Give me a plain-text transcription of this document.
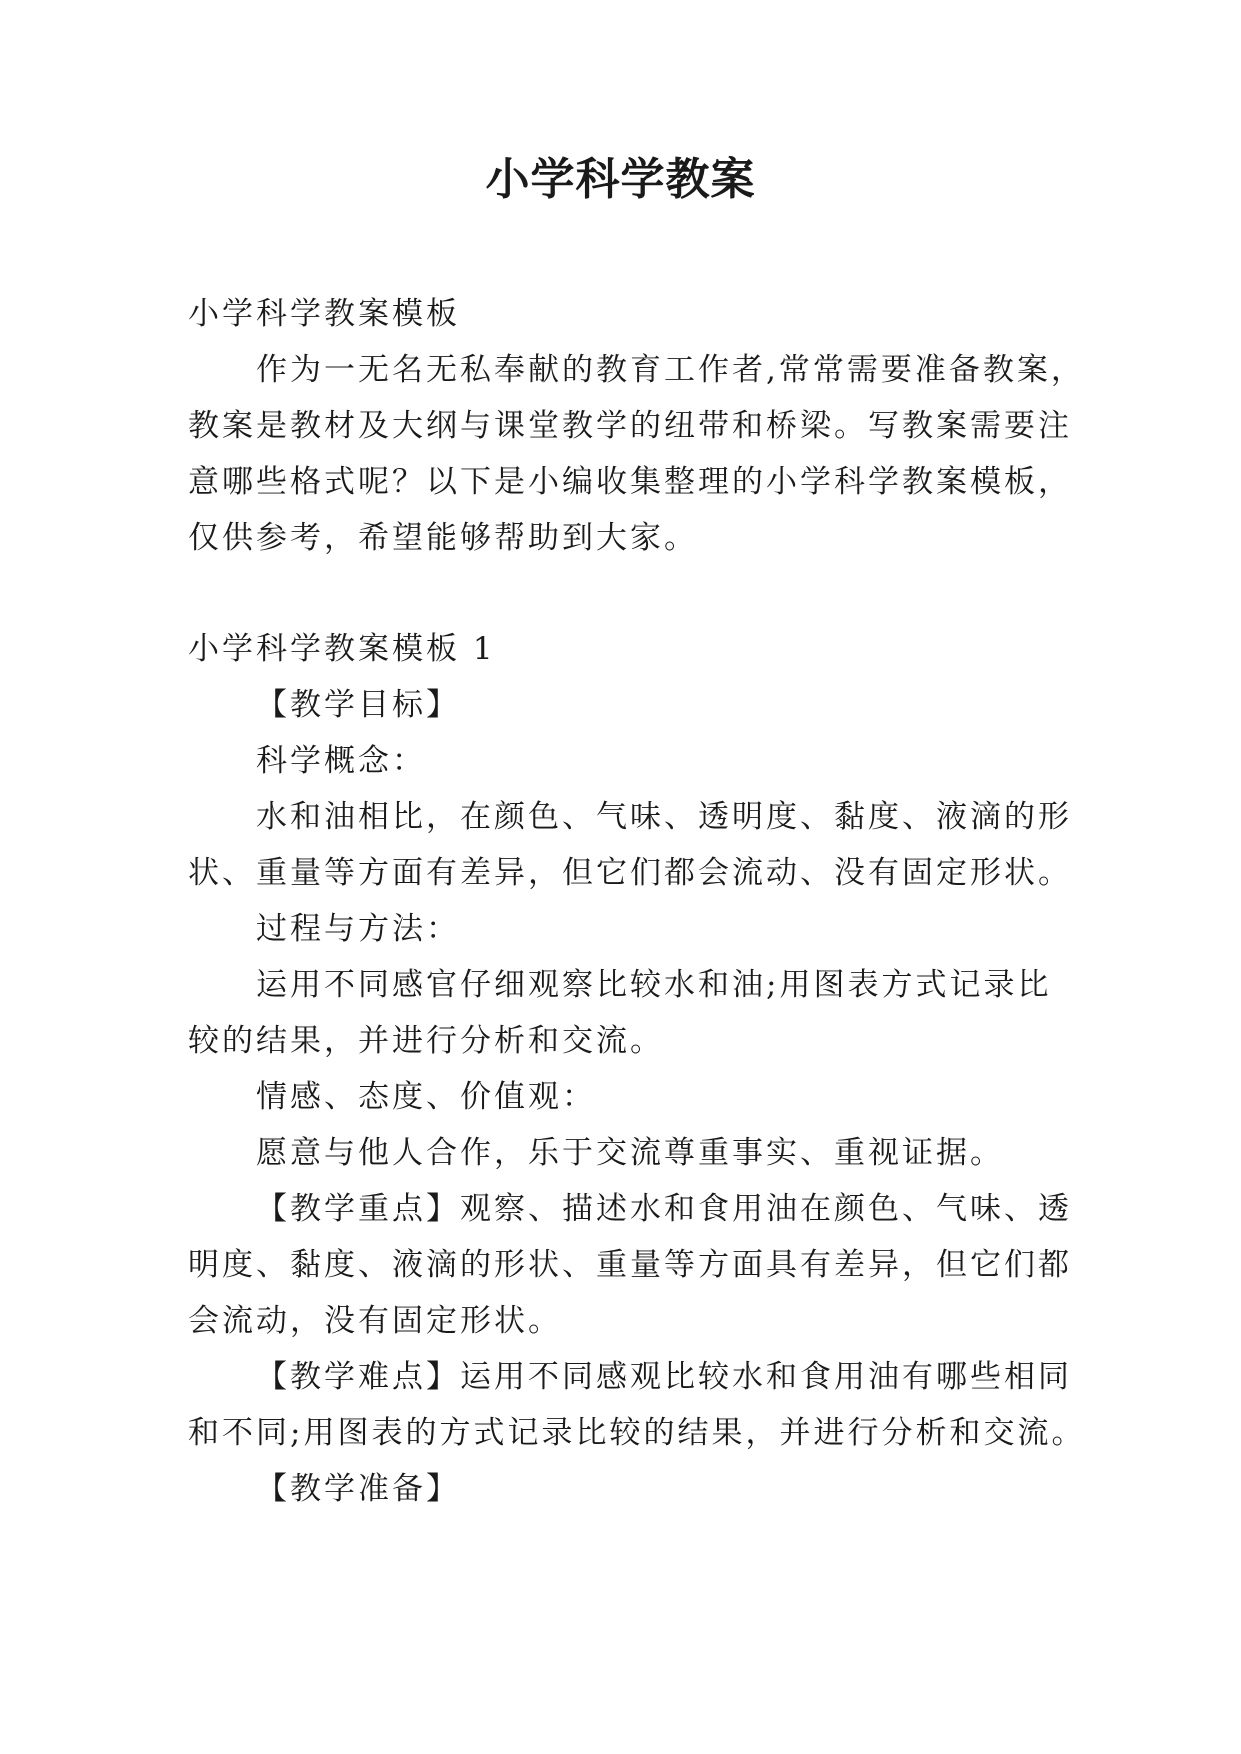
小学科学教案
小学科学教案模板
作为一无名无私奉献的教育工作者,常常需要准备教案，
教案是教材及大纲与课堂教学的纽带和桥梁。写教案需要注
意哪些格式呢？以下是小编收集整理的小学科学教案模板，
仅供参考，希望能够帮助到大家。
小学科学教案模板 1
【教学目标】
科学概念：
水和油相比，在颜色、气味、透明度、黏度、液滴的形
状、重量等方面有差异，但它们都会流动、没有固定形状。
过程与方法：
运用不同感官仔细观察比较水和油;用图表方式记录比
较的结果，并进行分析和交流。
情感、态度、价值观：
愿意与他人合作，乐于交流尊重事实、重视证据。
【教学重点】观察、描述水和食用油在颜色、气味、透
明度、黏度、液滴的形状、重量等方面具有差异，但它们都
会流动，没有固定形状。
【教学难点】运用不同感观比较水和食用油有哪些相同
和不同;用图表的方式记录比较的结果，并进行分析和交流。
【教学准备】
